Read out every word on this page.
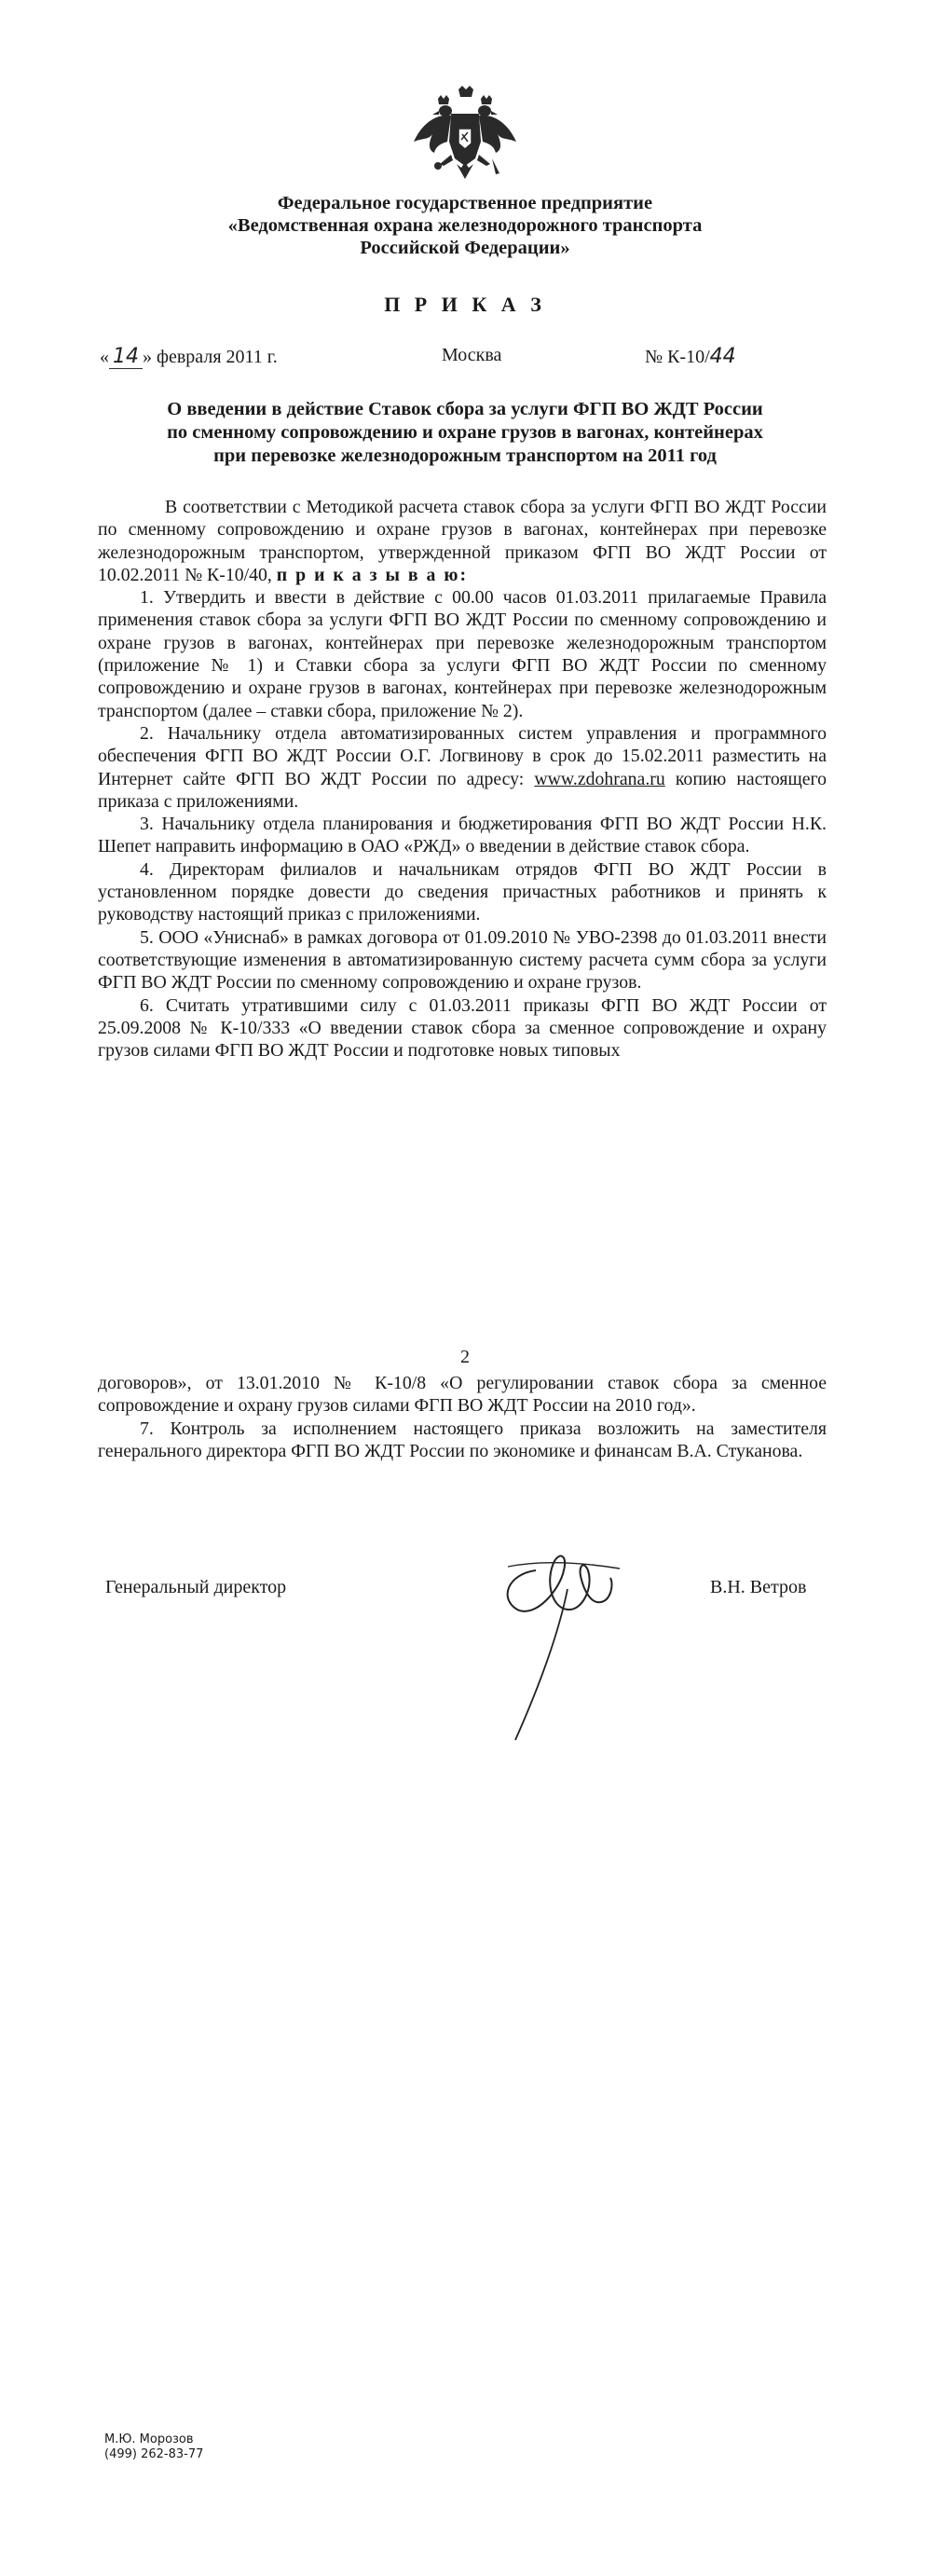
Федеральное государственное предприятие
«Ведомственная охрана железнодорожного транспорта
Российской Федерации»
П Р И К А З
« 14 » февраля 2011 г.	Москва	№ К-10/44
О введении в действие Ставок сбора за услуги ФГП ВО ЖДТ России
по сменному сопровождению и охране грузов в вагонах, контейнерах
при перевозке железнодорожным транспортом на 2011 год

В соответствии с Методикой расчета ставок сбора за услуги ФГП ВО ЖДТ России по сменному сопровождению и охране грузов в вагонах, контейнерах при перевозке железнодорожным транспортом, утвержденной приказом ФГП ВО ЖДТ России от 10.02.2011 № К-10/40, п р и к а з ы в а ю:

1. Утвердить и ввести в действие с 00.00 часов 01.03.2011 прилагаемые Правила применения ставок сбора за услуги ФГП ВО ЖДТ России по сменному сопровождению и охране грузов в вагонах, контейнерах при перевозке железнодорожным транспортом (приложение № 1) и Ставки сбора за услуги ФГП ВО ЖДТ России по сменному сопровождению и охране грузов в вагонах, контейнерах при перевозке железнодорожным транспортом (далее – ставки сбора, приложение № 2).

2. Начальнику отдела автоматизированных систем управления и программного обеспечения ФГП ВО ЖДТ России О.Г. Логвинову в срок до 15.02.2011 разместить на Интернет сайте ФГП ВО ЖДТ России по адресу: www.zdohrana.ru копию настоящего приказа с приложениями.

3. Начальнику отдела планирования и бюджетирования ФГП ВО ЖДТ России Н.К. Шепет направить информацию в ОАО «РЖД» о введении в действие ставок сбора.

4. Директорам филиалов и начальникам отрядов ФГП ВО ЖДТ России в установленном порядке довести до сведения причастных работников и принять к руководству настоящий приказ с приложениями.

5. ООО «Униснаб» в рамках договора от 01.09.2010 № УВО-2398 до 01.03.2011 внести соответствующие изменения в автоматизированную систему расчета сумм сбора за услуги ФГП ВО ЖДТ России по сменному сопровождению и охране грузов.

6. Считать утратившими силу с 01.03.2011 приказы ФГП ВО ЖДТ России от 25.09.2008 № К-10/333 «О введении ставок сбора за сменное сопровождение и охрану грузов силами ФГП ВО ЖДТ России и подготовке новых типовых

2

договоров», от 13.01.2010 № К-10/8 «О регулировании ставок сбора за сменное сопровождение и охрану грузов силами ФГП ВО ЖДТ России на 2010 год».

7. Контроль за исполнением настоящего приказа возложить на заместителя генерального директора ФГП ВО ЖДТ России по экономике и финансам В.А. Стуканова.

Генеральный директор	В.Н. Ветров
М.Ю. Морозов
(499) 262-83-77
